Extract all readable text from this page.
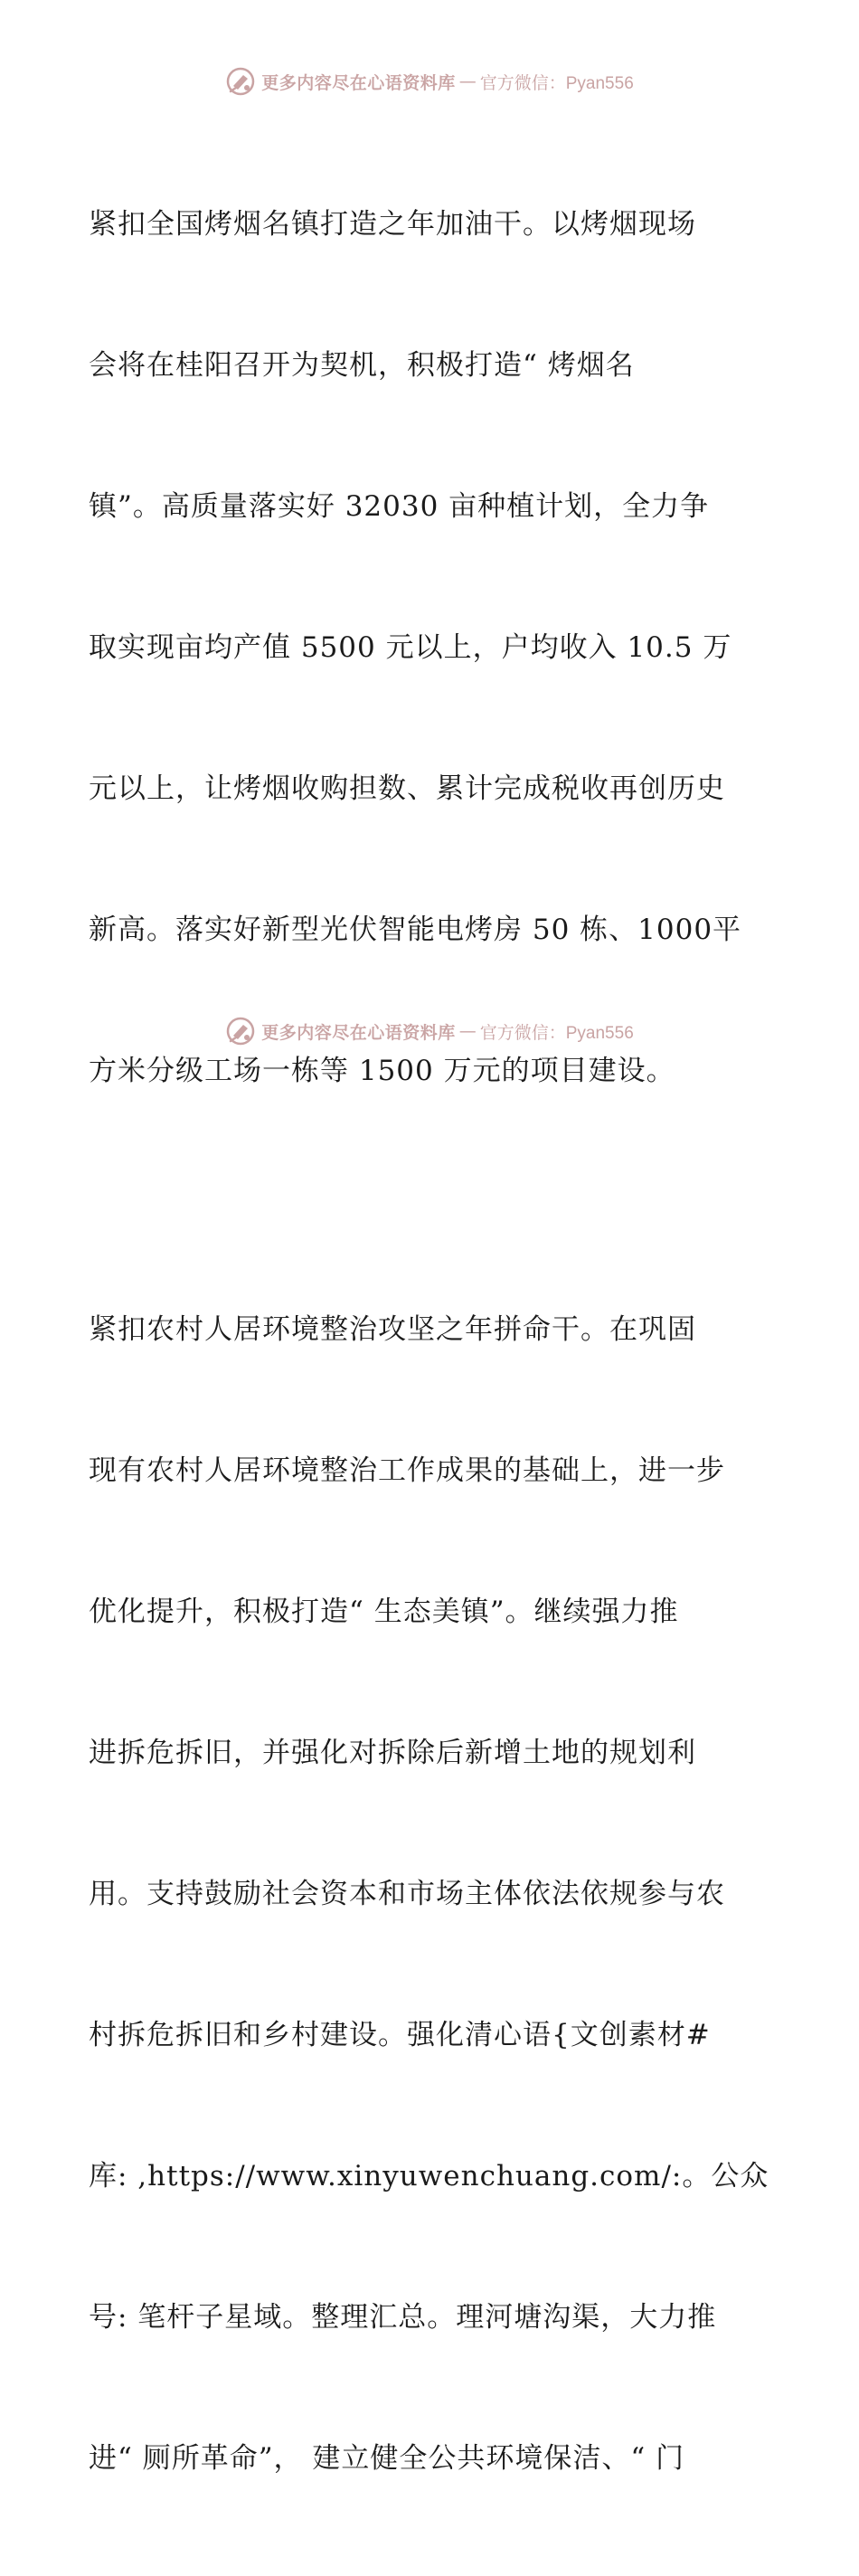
更多内容尽在心语资料库 — 官方微信：Pyan556

紧扣全国烤烟名镇打造之年加油干。以烤烟现场

会将在桂阳召开为契机，积极打造“ 烤烟名

镇”。高质量落实好 32030 亩种植计划，全力争

取实现亩均产值 5500 元以上，户均收入 10.5 万

元以上，让烤烟收购担数、累计完成税收再创历史

新高。落实好新型光伏智能电烤房 50 栋、1000平

方米分级工场一栋等 1500 万元的项目建设。

紧扣农村人居环境整治攻坚之年拼命干。在巩固

现有农村人居环境整治工作成果的基础上，进一步

优化提升，积极打造“ 生态美镇”。继续强力推

进拆危拆旧，并强化对拆除后新增土地的规划利

用。支持鼓励社会资本和市场主体依法依规参与农

村拆危拆旧和乡村建设。强化清心语{文创素材#

库: ,https://www.xinyuwenchuang.com/:。公众

号: 笔杆子星域。整理汇总。理河塘沟渠，大力推

进“ 厕所革命”， 建立健全公共环境保洁、“ 门

更多内容尽在心语资料库 — 官方微信：Pyan556
